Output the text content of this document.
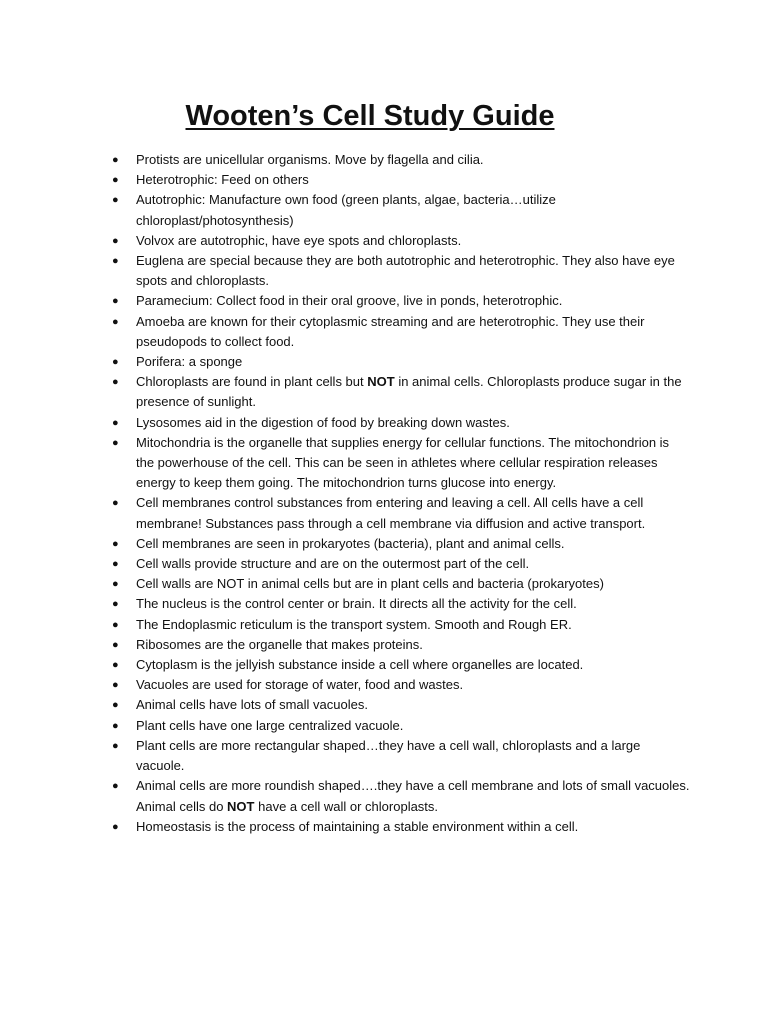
Wooten’s Cell Study Guide
● Protists are unicellular organisms. Move by flagella and cilia.
● Heterotrophic: Feed on others
● Autotrophic: Manufacture own food (green plants, algae, bacteria…utilize chloroplast/photosynthesis)
● Volvox are autotrophic, have eye spots and chloroplasts.
● Euglena are special because they are both autotrophic and heterotrophic. They also have eye spots and chloroplasts.
● Paramecium: Collect food in their oral groove, live in ponds, heterotrophic.
● Amoeba are known for their cytoplasmic streaming and are heterotrophic. They use their pseudopods to collect food.
● Porifera: a sponge
● Chloroplasts are found in plant cells but NOT in animal cells. Chloroplasts produce sugar in the presence of sunlight.
● Lysosomes aid in the digestion of food by breaking down wastes.
● Mitochondria is the organelle that supplies energy for cellular functions. The mitochondrion is the powerhouse of the cell. This can be seen in athletes where cellular respiration releases energy to keep them going. The mitochondrion turns glucose into energy.
● Cell membranes control substances from entering and leaving a cell. All cells have a cell membrane! Substances pass through a cell membrane via diffusion and active transport.
● Cell membranes are seen in prokaryotes (bacteria), plant and animal cells.
● Cell walls provide structure and are on the outermost part of the cell.
● Cell walls are NOT in animal cells but are in plant cells and bacteria (prokaryotes)
● The nucleus is the control center or brain. It directs all the activity for the cell.
● The Endoplasmic reticulum is the transport system. Smooth and Rough ER.
● Ribosomes are the organelle that makes proteins.
● Cytoplasm is the jellyish substance inside a cell where organelles are located.
● Vacuoles are used for storage of water, food and wastes.
● Animal cells have lots of small vacuoles.
● Plant cells have one large centralized vacuole.
● Plant cells are more rectangular shaped…they have a cell wall, chloroplasts and a large vacuole.
● Animal cells are more roundish shaped….they have a cell membrane and lots of small vacuoles. Animal cells do NOT have a cell wall or chloroplasts.
● Homeostasis is the process of maintaining a stable environment within a cell.
